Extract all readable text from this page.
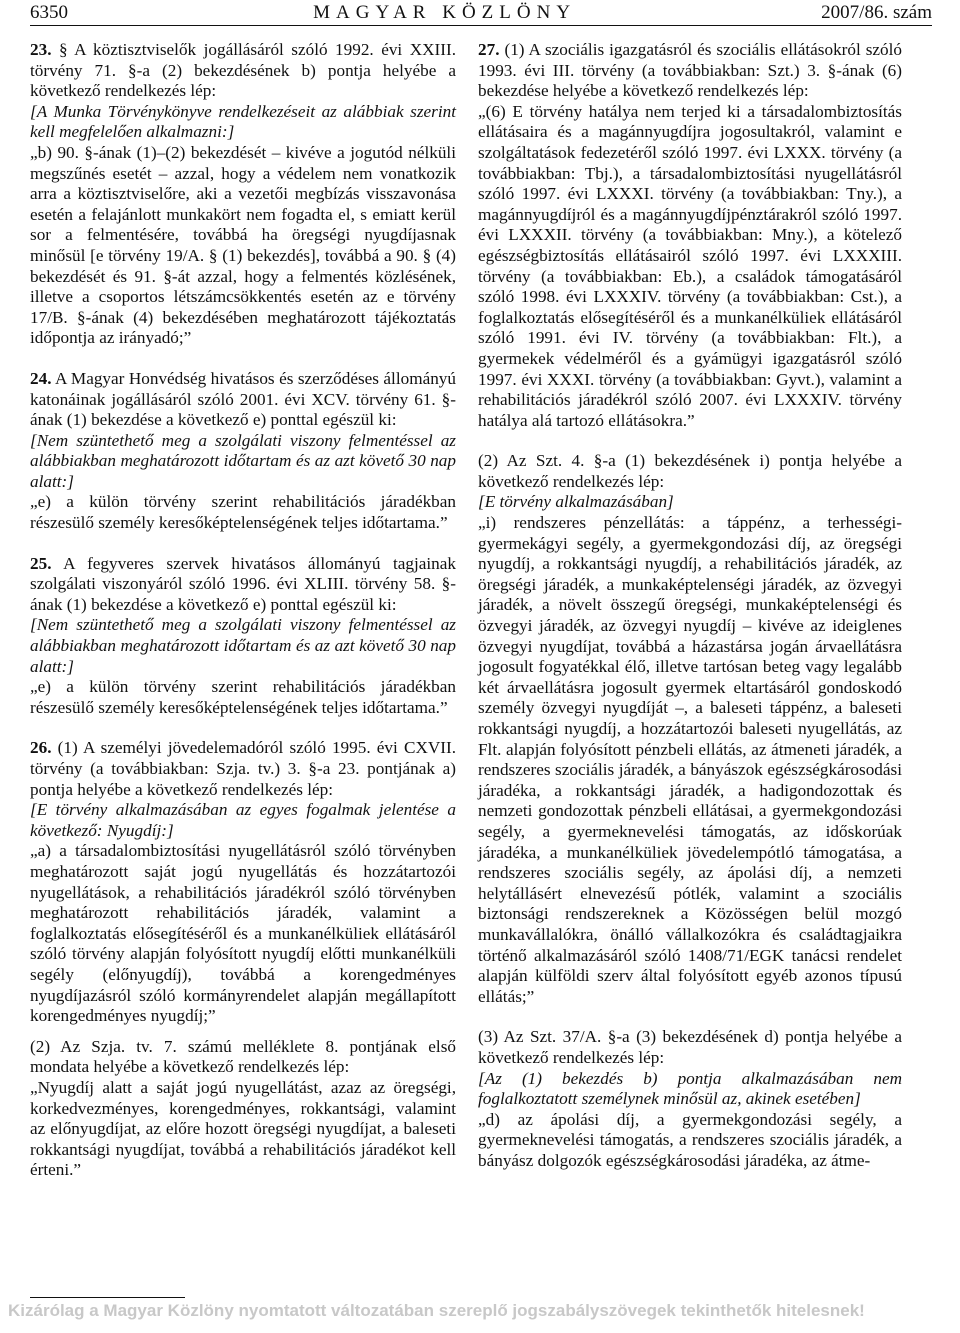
6350	MAGYAR KÖZLÖNY	2007/86. szám

23. § A köztisztviselők jogállásáról szóló 1992. évi XXIII. törvény 71. §-a (2) bekezdésének b) pontja helyébe a következő rendelkezés lép:

[A Munka Törvénykönyve rendelkezéseit az alábbiak szerint kell megfelelően alkalmazni:]

„b) 90. §-ának (1)–(2) bekezdését – kivéve a jogutód nélküli megszűnés esetét – azzal, hogy a védelem nem vonatkozik arra a köztisztviselőre, aki a vezetői megbízás visszavonása esetén a felajánlott munkakört nem fogadta el, s emiatt kerül sor a felmentésére, továbbá ha öregségi nyugdíjasnak minősül [e törvény 19/A. § (1) bekezdés], továbbá a 90. § (4) bekezdését és 91. §-át azzal, hogy a felmentés közlésének, illetve a csoportos létszámcsökkentés esetén az e törvény 17/B. §-ának (4) bekezdésében meghatározott tájékoztatás időpontja az irányadó;”

24. A Magyar Honvédség hivatásos és szerződéses állományú katonáinak jogállásáról szóló 2001. évi XCV. törvény 61. §-ának (1) bekezdése a következő e) ponttal egészül ki:

[Nem szüntethető meg a szolgálati viszony felmentéssel az alábbiakban meghatározott időtartam és az azt követő 30 nap alatt:]

„e) a külön törvény szerint rehabilitációs járadékban részesülő személy keresőképtelenségének teljes időtartama.”

25. A fegyveres szervek hivatásos állományú tagjainak szolgálati viszonyáról szóló 1996. évi XLIII. törvény 58. §-ának (1) bekezdése a következő e) ponttal egészül ki:

[Nem szüntethető meg a szolgálati viszony felmentéssel az alábbiakban meghatározott időtartam és az azt követő 30 nap alatt:]

„e) a külön törvény szerint rehabilitációs járadékban részesülő személy keresőképtelenségének teljes időtartama.”

26. (1) A személyi jövedelemadóról szóló 1995. évi CXVII. törvény (a továbbiakban: Szja. tv.) 3. §-a 23. pontjának a) pontja helyébe a következő rendelkezés lép:

[E törvény alkalmazásában az egyes fogalmak jelentése a következő: Nyugdíj:]

„a) a társadalombiztosítási nyugellátásról szóló törvényben meghatározott saját jogú nyugellátás és hozzátartozói nyugellátások, a rehabilitációs járadékról szóló törvényben meghatározott rehabilitációs járadék, valamint a foglalkoztatás elősegítéséről és a munkanélküliek ellátásáról szóló törvény alapján folyósított nyugdíj előtti munkanélküli segély (előnyugdíj), továbbá a korengedményes nyugdíjazásról szóló kormányrendelet alapján megállapított korengedményes nyugdíj;”

(2) Az Szja. tv. 7. számú melléklete 8. pontjának első mondata helyébe a következő rendelkezés lép:

„Nyugdíj alatt a saját jogú nyugellátást, azaz az öregségi, korkedvezményes, korengedményes, rokkantsági, valamint az előnyugdíjat, az előre hozott öregségi nyugdíjat, a baleseti rokkantsági nyugdíjat, továbbá a rehabilitációs járadékot kell érteni.”

27. (1) A szociális igazgatásról és szociális ellátásokról szóló 1993. évi III. törvény (a továbbiakban: Szt.) 3. §-ának (6) bekezdése helyébe a következő rendelkezés lép:

„(6) E törvény hatálya nem terjed ki a társadalombiztosítás ellátásaira és a magánnyugdíjra jogosultakról, valamint e szolgáltatások fedezetéről szóló 1997. évi LXXX. törvény (a továbbiakban: Tbj.), a társadalombiztosítási nyugellátásról szóló 1997. évi LXXXI. törvény (a továbbiakban: Tny.), a magánnyugdíjról és a magánnyugdíjpénztárakról szóló 1997. évi LXXXII. törvény (a továbbiakban: Mny.), a kötelező egészségbiztosítás ellátásairól szóló 1997. évi LXXXIII. törvény (a továbbiakban: Eb.), a családok támogatásáról szóló 1998. évi LXXXIV. törvény (a továbbiakban: Cst.), a foglalkoztatás elősegítéséről és a munkanélküliek ellátásáról szóló 1991. évi IV. törvény (a továbbiakban: Flt.), a gyermekek védelméről és a gyámügyi igazgatásról szóló 1997. évi XXXI. törvény (a továbbiakban: Gyvt.), valamint a rehabilitációs járadékról szóló 2007. évi LXXXIV. törvény hatálya alá tartozó ellátásokra.”

(2) Az Szt. 4. §-a (1) bekezdésének i) pontja helyébe a következő rendelkezés lép:

[E törvény alkalmazásában]

„i) rendszeres pénzellátás: a táppénz, a terhességi-gyermekágyi segély, a gyermekgondozási díj, az öregségi nyugdíj, a rokkantsági nyugdíj, a rehabilitációs járadék, az öregségi járadék, a munkaképtelenségi járadék, az özvegyi járadék, a növelt összegű öregségi, munkaképtelenségi és özvegyi járadék, az özvegyi nyugdíj – kivéve az ideiglenes özvegyi nyugdíjat, továbbá a házastársa jogán árvaellátásra jogosult fogyatékkal élő, illetve tartósan beteg vagy legalább két árvaellátásra jogosult gyermek eltartásáról gondoskodó személy özvegyi nyugdíját –, a baleseti táppénz, a baleseti rokkantsági nyugdíj, a hozzátartozói baleseti nyugellátás, az Flt. alapján folyósított pénzbeli ellátás, az átmeneti járadék, a rendszeres szociális járadék, a bányászok egészségkárosodási járadéka, a rokkantsági járadék, a hadigondozottak és nemzeti gondozottak pénzbeli ellátásai, a gyermekgondozási segély, a gyermeknevelési támogatás, az időskorúak járadéka, a munkanélküliek jövedelempótló támogatása, a rendszeres szociális segély, az ápolási díj, a nemzeti helytállásért elnevezésű pótlék, valamint a szociális biztonsági rendszereknek a Közösségen belül mozgó munkavállalókra, önálló vállalkozókra és családtagjaikra történő alkalmazásáról szóló 1408/71/EGK tanácsi rendelet alapján külföldi szerv által folyósított egyéb azonos típusú ellátás;”

(3) Az Szt. 37/A. §-a (3) bekezdésének d) pontja helyébe a következő rendelkezés lép:

[Az (1) bekezdés b) pontja alkalmazásában nem foglalkoztatott személynek minősül az, akinek esetében]

„d) az ápolási díj, a gyermekgondozási segély, a gyermeknevelési támogatás, a rendszeres szociális járadék, a bányász dolgozók egészségkárosodási járadéka, az átme-

Kizárólag a Magyar Közlöny nyomtatott változatában szereplő jogszabályszövegek tekinthetők hitelesnek!
